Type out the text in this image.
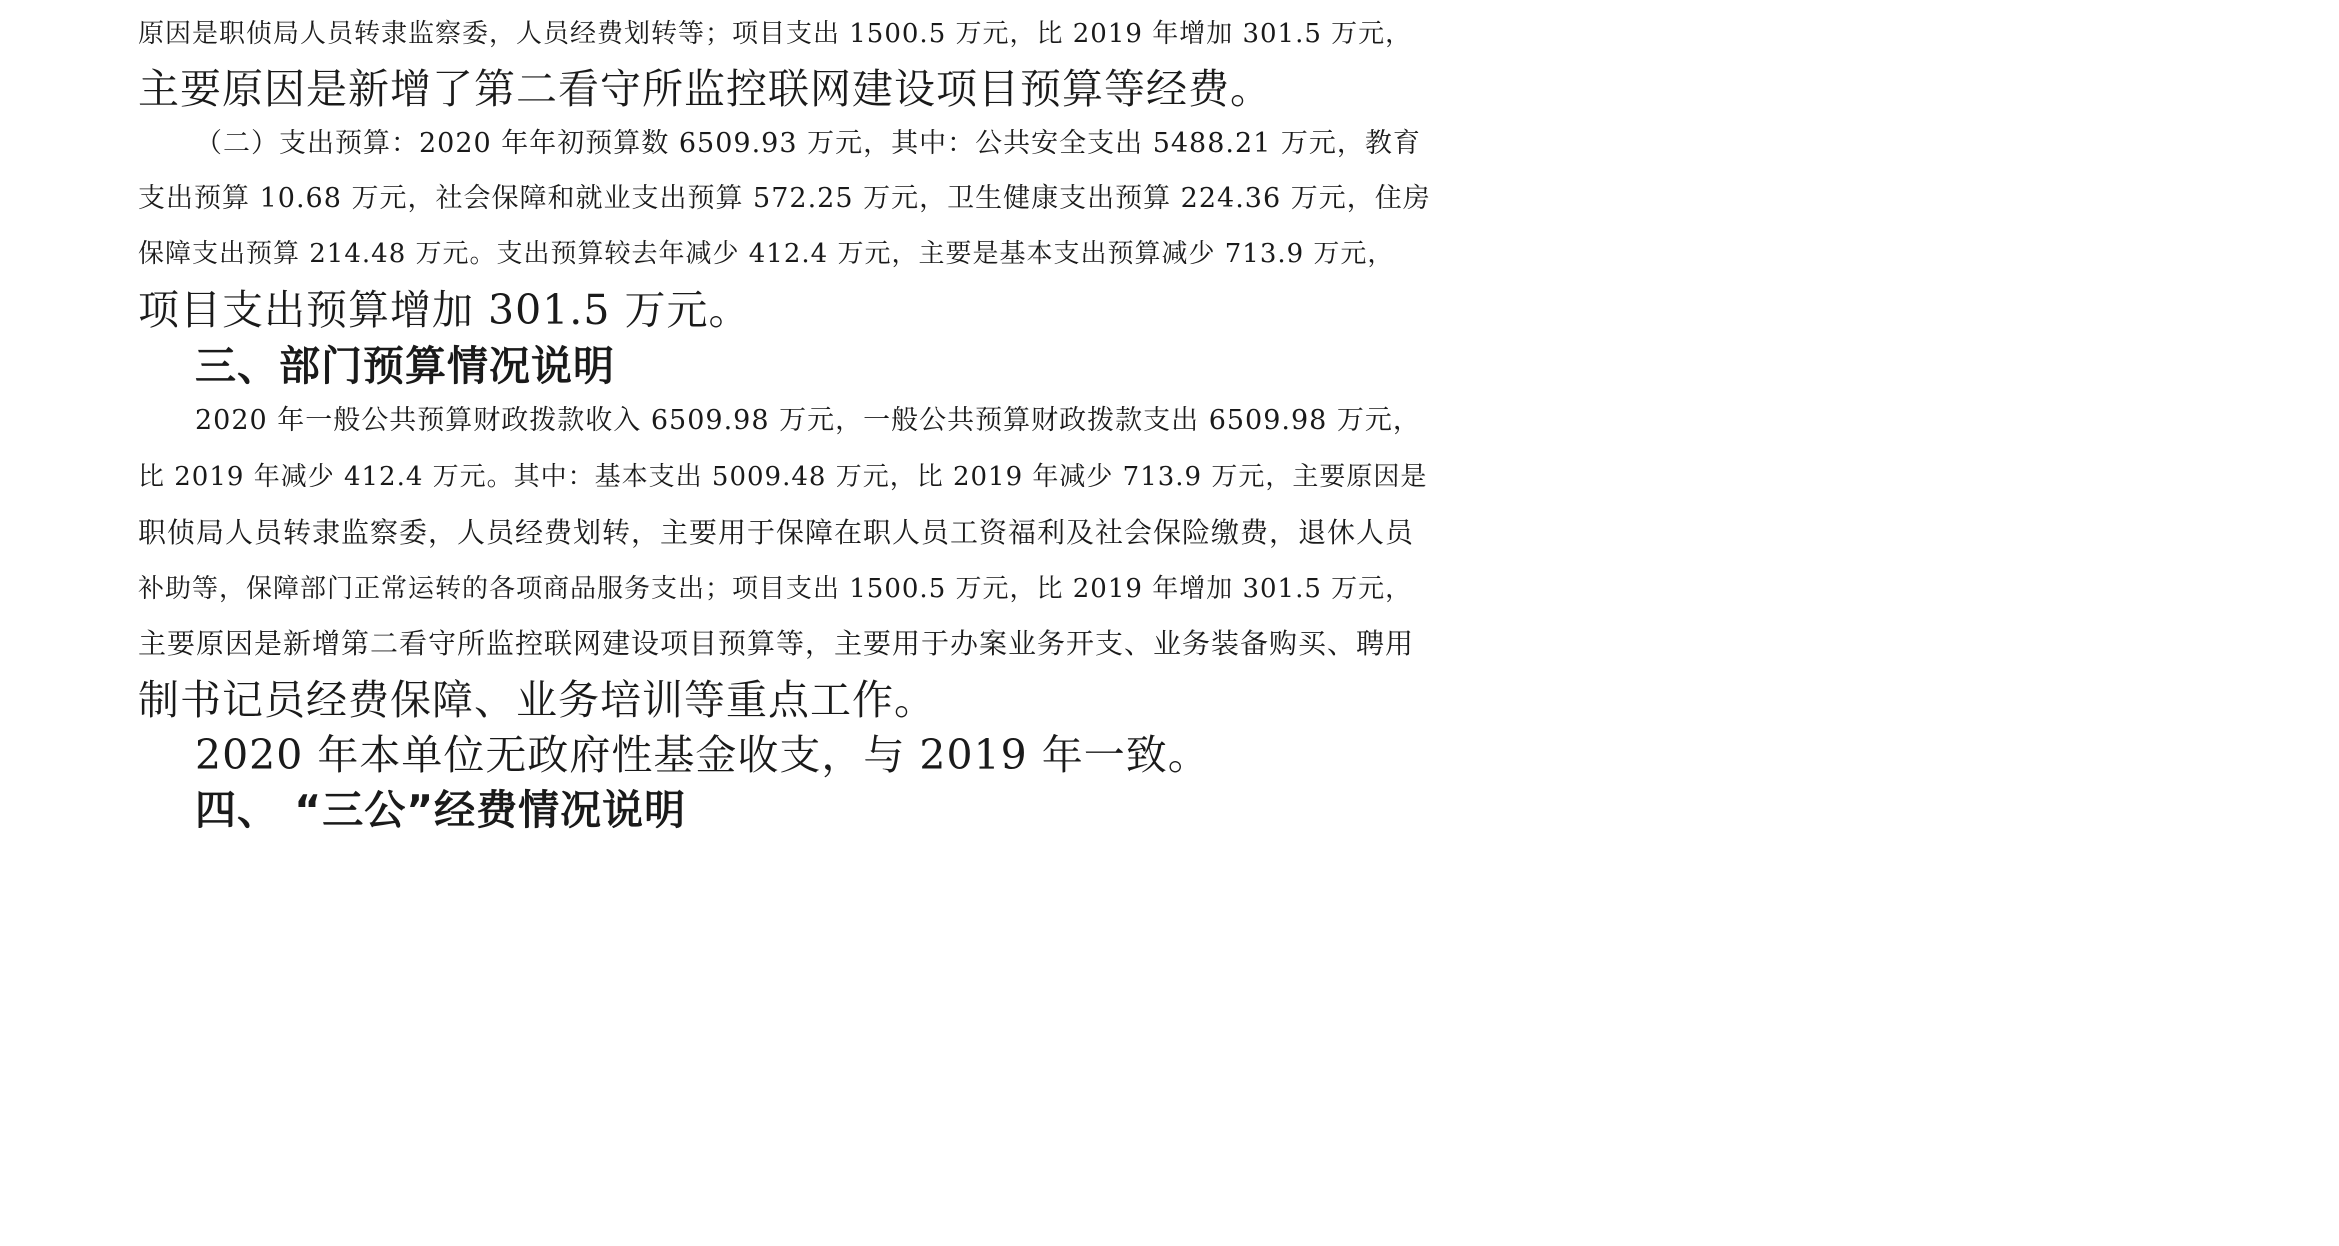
原因是职侦局人员转隶监察委，人员经费划转等；项目支出 1500.5 万元，比 2019 年增加 301.5 万元，
主要原因是新增了第二看守所监控联网建设项目预算等经费。
（二）支出预算：2020 年年初预算数 6509.93 万元，其中：公共安全支出 5488.21 万元，教育
支出预算 10.68 万元，社会保障和就业支出预算 572.25 万元，卫生健康支出预算 224.36 万元，住房
保障支出预算 214.48 万元。支出预算较去年减少 412.4 万元，主要是基本支出预算减少 713.9 万元，
项目支出预算增加 301.5 万元。
三、部门预算情况说明
2020 年一般公共预算财政拨款收入 6509.98 万元，一般公共预算财政拨款支出 6509.98 万元，
比 2019 年减少 412.4 万元。其中：基本支出 5009.48 万元，比 2019 年减少 713.9 万元，主要原因是
职侦局人员转隶监察委，人员经费划转，主要用于保障在职人员工资福利及社会保险缴费，退休人员
补助等，保障部门正常运转的各项商品服务支出；项目支出 1500.5 万元，比 2019 年增加 301.5 万元，
主要原因是新增第二看守所监控联网建设项目预算等，主要用于办案业务开支、业务装备购买、聘用
制书记员经费保障、业务培训等重点工作。
2020 年本单位无政府性基金收支，与 2019 年一致。
四、 “三公”经费情况说明
